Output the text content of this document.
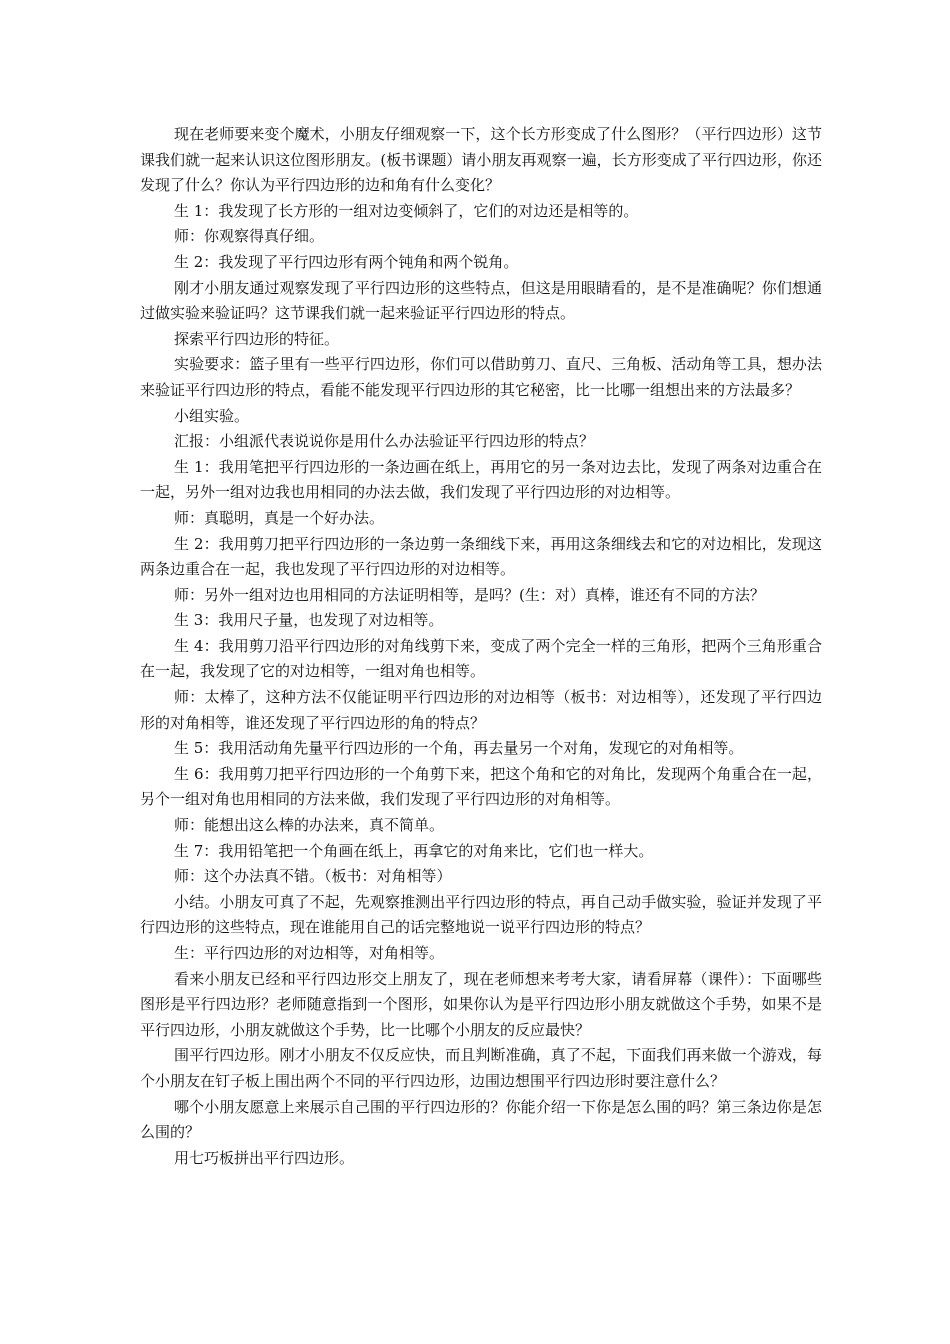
现在老师要来变个魔术，小朋友仔细观察一下，这个长方形变成了什么图形？（平行四边形）这节课我们就一起来认识这位图形朋友。(板书课题）请小朋友再观察一遍，长方形变成了平行四边形，你还发现了什么？你认为平行四边形的边和角有什么变化？

生 1：我发现了长方形的一组对边变倾斜了，它们的对边还是相等的。

师：你观察得真仔细。

生 2：我发现了平行四边形有两个钝角和两个锐角。

刚才小朋友通过观察发现了平行四边形的这些特点，但这是用眼睛看的，是不是准确呢？你们想通过做实验来验证吗？这节课我们就一起来验证平行四边形的特点。

探索平行四边形的特征。

实验要求：篮子里有一些平行四边形，你们可以借助剪刀、直尺、三角板、活动角等工具，想办法来验证平行四边形的特点，看能不能发现平行四边形的其它秘密，比一比哪一组想出来的方法最多？

小组实验。

汇报：小组派代表说说你是用什么办法验证平行四边形的特点？

生 1：我用笔把平行四边形的一条边画在纸上，再用它的另一条对边去比，发现了两条对边重合在一起，另外一组对边我也用相同的办法去做，我们发现了平行四边形的对边相等。

师：真聪明，真是一个好办法。

生 2：我用剪刀把平行四边形的一条边剪一条细线下来，再用这条细线去和它的对边相比，发现这两条边重合在一起，我也发现了平行四边形的对边相等。

师：另外一组对边也用相同的方法证明相等，是吗？(生：对）真棒，谁还有不同的方法？

生 3：我用尺子量，也发现了对边相等。

生 4：我用剪刀沿平行四边形的对角线剪下来，变成了两个完全一样的三角形，把两个三角形重合在一起，我发现了它的对边相等，一组对角也相等。

师：太棒了，这种方法不仅能证明平行四边形的对边相等（板书：对边相等），还发现了平行四边形的对角相等，谁还发现了平行四边形的角的特点？

生 5：我用活动角先量平行四边形的一个角，再去量另一个对角，发现它的对角相等。

生 6：我用剪刀把平行四边形的一个角剪下来，把这个角和它的对角比，发现两个角重合在一起，另个一组对角也用相同的方法来做，我们发现了平行四边形的对角相等。

师：能想出这么棒的办法来，真不简单。

生 7：我用铅笔把一个角画在纸上，再拿它的对角来比，它们也一样大。

师：这个办法真不错。（板书：对角相等）

小结。小朋友可真了不起，先观察推测出平行四边形的特点，再自己动手做实验，验证并发现了平行四边形的这些特点，现在谁能用自己的话完整地说一说平行四边形的特点？

生：平行四边形的对边相等，对角相等。

看来小朋友已经和平行四边形交上朋友了，现在老师想来考考大家，请看屏幕（课件）：下面哪些图形是平行四边形？老师随意指到一个图形，如果你认为是平行四边形小朋友就做这个手势，如果不是平行四边形，小朋友就做这个手势，比一比哪个小朋友的反应最快？

围平行四边形。刚才小朋友不仅反应快，而且判断准确，真了不起，下面我们再来做一个游戏，每个小朋友在钉子板上围出两个不同的平行四边形，边围边想围平行四边形时要注意什么？

哪个小朋友愿意上来展示自己围的平行四边形的？你能介绍一下你是怎么围的吗？第三条边你是怎么围的？

用七巧板拼出平行四边形。
